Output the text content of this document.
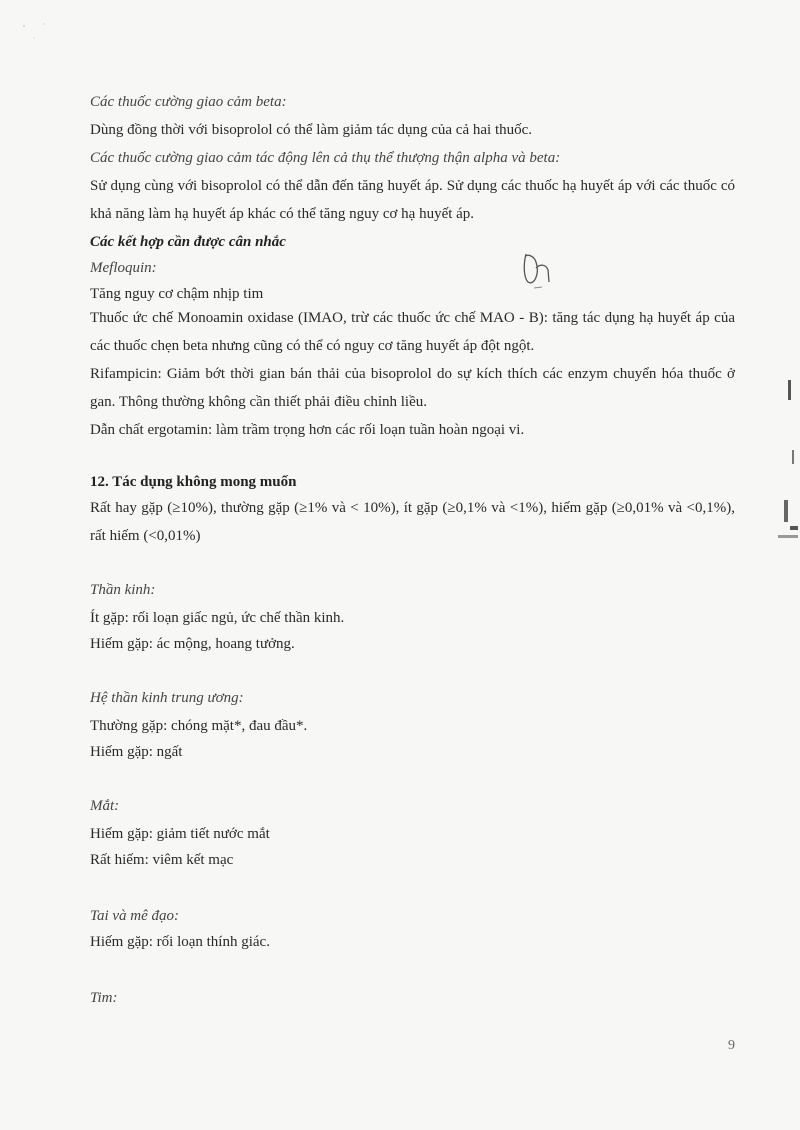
Các thuốc cường giao cảm beta:
Dùng đồng thời với bisoprolol có thể làm giảm tác dụng của cả hai thuốc.
Các thuốc cường giao cảm tác động lên cả thụ thể thượng thận alpha và beta:
Sử dụng cùng với bisoprolol có thể dẫn đến tăng huyết áp. Sử dụng các thuốc hạ huyết áp với các thuốc có khả năng làm hạ huyết áp khác có thể tăng nguy cơ hạ huyết áp.
Các kết hợp cần được cân nhắc
Mefloquin:
Tăng nguy cơ chậm nhịp tim
Thuốc ức chế Monoamin oxidase (IMAO, trừ các thuốc ức chế MAO - B): tăng tác dụng hạ huyết áp của các thuốc chẹn beta nhưng cũng có thể có nguy cơ tăng huyết áp đột ngột.
Rifampicin: Giảm bớt thời gian bán thải của bisoprolol do sự kích thích các enzym chuyển hóa thuốc ở gan. Thông thường không cần thiết phải điều chỉnh liều.
Dẫn chất ergotamin: làm trầm trọng hơn các rối loạn tuần hoàn ngoại vi.
12. Tác dụng không mong muốn
Rất hay gặp (≥10%), thường gặp (≥1% và < 10%), ít gặp (≥0,1% và <1%), hiếm gặp (≥0,01% và <0,1%), rất hiếm (<0,01%)
Thần kinh:
Ít gặp: rối loạn giấc ngủ, ức chế thần kinh.
Hiếm gặp: ác mộng, hoang tưởng.
Hệ thần kinh trung ương:
Thường gặp: chóng mặt*, đau đầu*.
Hiếm gặp: ngất
Mắt:
Hiếm gặp: giảm tiết nước mắt
Rất hiếm: viêm kết mạc
Tai và mê đạo:
Hiếm gặp: rối loạn thính giác.
Tim:
9
